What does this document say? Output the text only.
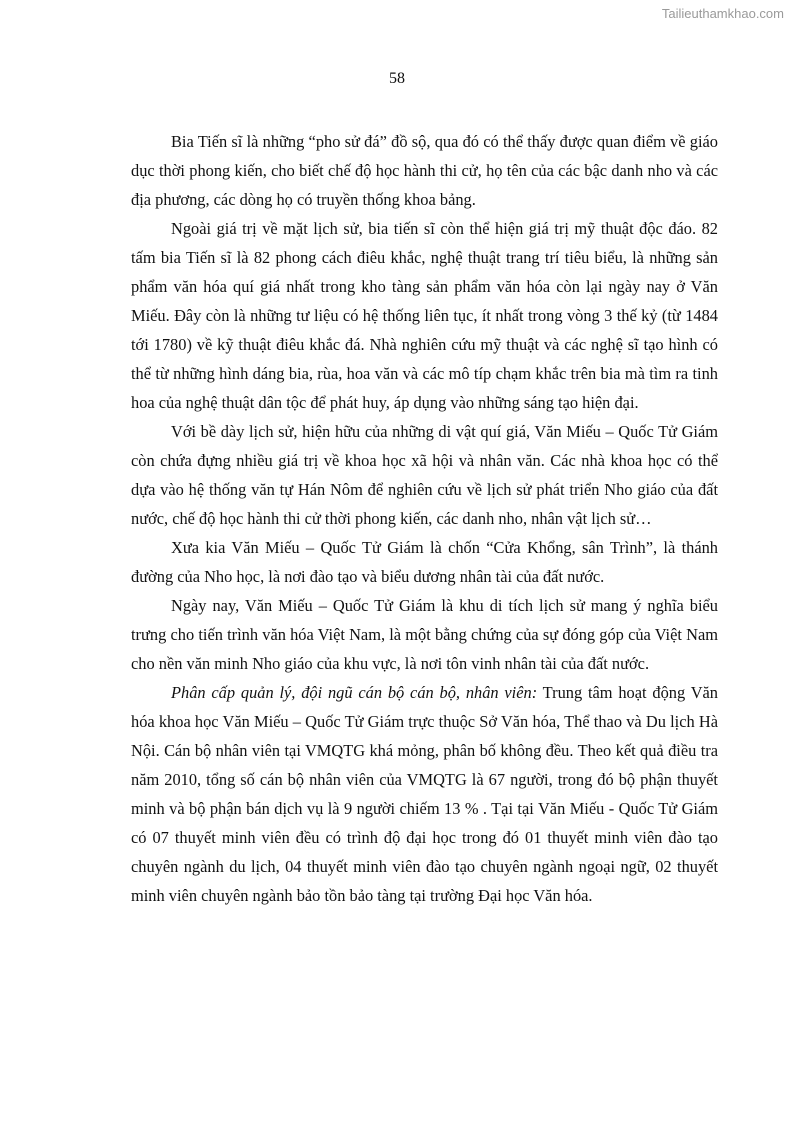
Tailieuthamkhao.com
58

Bia Tiến sĩ là những “pho sử đá” đồ sộ, qua đó có thể thấy được quan điểm về giáo dục thời phong kiến, cho biết chế độ học hành thi cử, họ tên của các bậc danh nho và các địa phương, các dòng họ có truyền thống khoa bảng.

Ngoài giá trị về mặt lịch sử, bia tiến sĩ còn thể hiện giá trị mỹ thuật độc đáo. 82 tấm bia Tiến sĩ là 82 phong cách điêu khắc, nghệ thuật trang trí tiêu biểu, là những sản phẩm văn hóa quí giá nhất trong kho tàng sản phẩm văn hóa còn lại ngày nay ở Văn Miếu. Đây còn là những tư liệu có hệ thống liên tục, ít nhất trong vòng 3 thế kỷ (từ 1484 tới 1780) về kỹ thuật điêu khắc đá. Nhà nghiên cứu mỹ thuật và các nghệ sĩ tạo hình có thể từ những hình dáng bia, rùa, hoa văn và các mô típ chạm khắc trên bia mà tìm ra tinh hoa của nghệ thuật dân tộc để phát huy, áp dụng vào những sáng tạo hiện đại.

Với bề dày lịch sử, hiện hữu của những di vật quí giá, Văn Miếu – Quốc Tử Giám còn chứa đựng nhiều giá trị về khoa học xã hội và nhân văn. Các nhà khoa học có thể dựa vào hệ thống văn tự Hán Nôm để nghiên cứu về lịch sử phát triển Nho giáo của đất nước, chế độ học hành thi cử thời phong kiến, các danh nho, nhân vật lịch sử…

Xưa kia Văn Miếu – Quốc Tử Giám là chốn “Cửa Khổng, sân Trình”, là thánh đường của Nho học, là nơi đào tạo và biểu dương nhân tài của đất nước.

Ngày nay, Văn Miếu – Quốc Tử Giám là khu di tích lịch sử mang ý nghĩa biểu trưng cho tiến trình văn hóa Việt Nam, là một bằng chứng của sự đóng góp của Việt Nam cho nền văn minh Nho giáo của khu vực, là nơi tôn vinh nhân tài của đất nước.

Phân cấp quản lý, đội ngũ cán bộ cán bộ, nhân viên: Trung tâm hoạt động Văn hóa khoa học Văn Miếu – Quốc Tử Giám trực thuộc Sở Văn hóa, Thể thao và Du lịch Hà Nội. Cán bộ nhân viên tại VMQTG khá mỏng, phân bố không đều. Theo kết quả điều tra năm 2010, tổng số cán bộ nhân viên của VMQTG là 67 người, trong đó bộ phận thuyết minh và bộ phận bán dịch vụ là 9 người chiếm 13 % . Tại tại Văn Miếu - Quốc Tử Giám có 07 thuyết minh viên đều có trình độ đại học trong đó 01 thuyết minh viên đào tạo chuyên ngành du lịch, 04 thuyết minh viên đào tạo chuyên ngành ngoại ngữ, 02 thuyết minh viên chuyên ngành bảo tồn bảo tàng tại trường Đại học Văn hóa.
